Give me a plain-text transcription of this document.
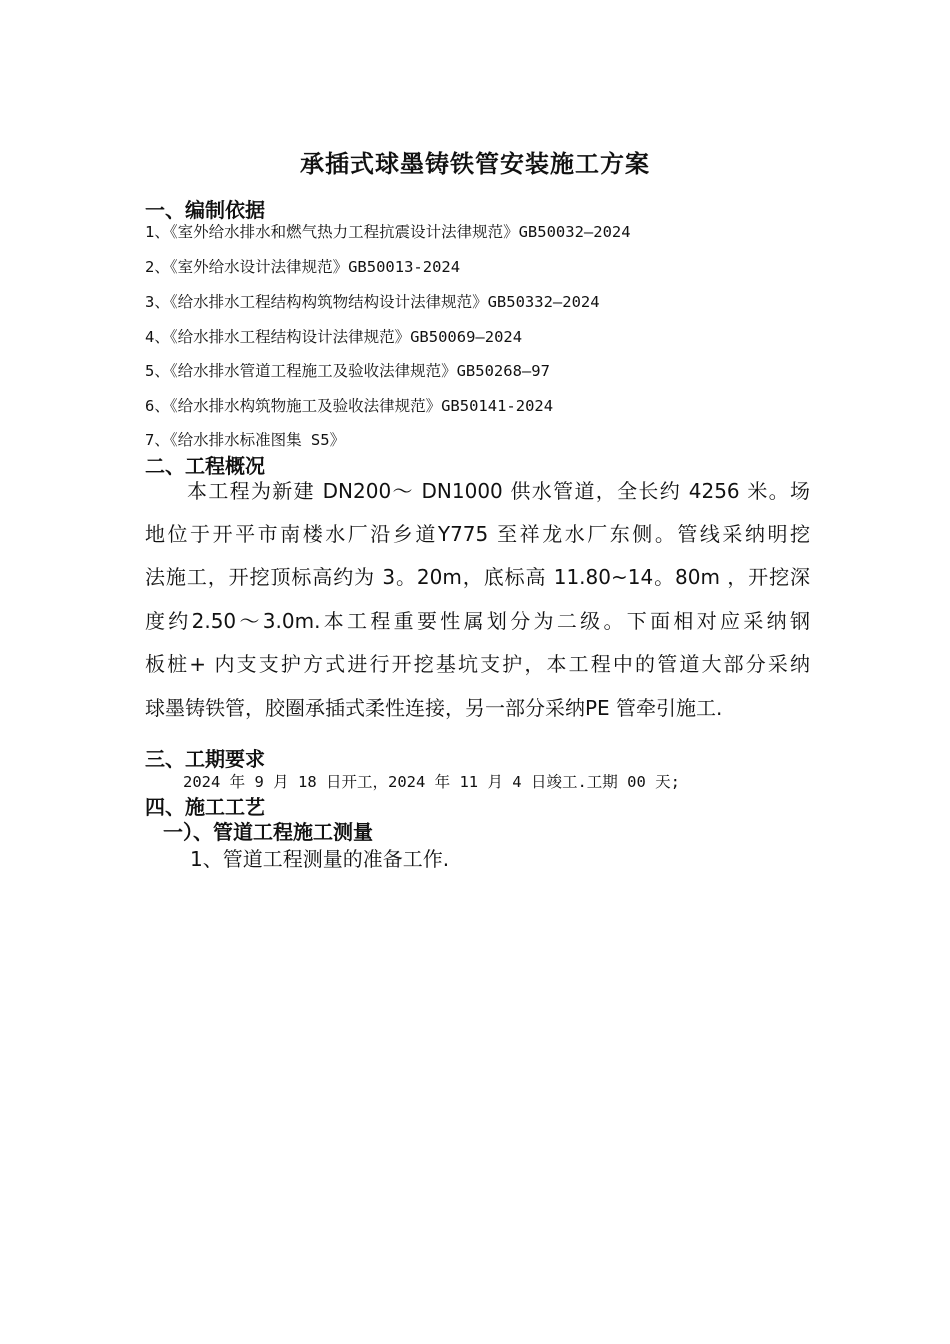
承插式球墨铸铁管安装施工方案
一、编制依据
1、《室外给水排水和燃气热力工程抗震设计法律规范》GB50032—2024
2、《室外给水设计法律规范》GB50013-2024
3、《给水排水工程结构构筑物结构设计法律规范》GB50332—2024
4、《给水排水工程结构设计法律规范》GB50069—2024
5、《给水排水管道工程施工及验收法律规范》GB50268—97
6、《给水排水构筑物施工及验收法律规范》GB50141-2024
7、《给水排水标准图集 S5》
二、工程概况
本工程为新建 DN200～ DN1000 供水管道，全长约 4256 米。场
地位于开平市南楼水厂沿乡道Y775 至祥龙水厂东侧。管线采纳明挖
法施工，开挖顶标高约为 3。20m，底标高 11.80~14。80m ，开挖深
度约2.50～3.0m.本工程重要性属划分为二级。下面相对应采纳钢
板桩+ 内支支护方式进行开挖基坑支护，本工程中的管道大部分采纳
球墨铸铁管，胶圈承插式柔性连接，另一部分采纳PE 管牵引施工.
三、工期要求
2024 年 9 月 18 日开工，2024 年 11 月 4 日竣工.工期 00 天;
四、施工工艺
一）、管道工程施工测量
1、管道工程测量的准备工作.
